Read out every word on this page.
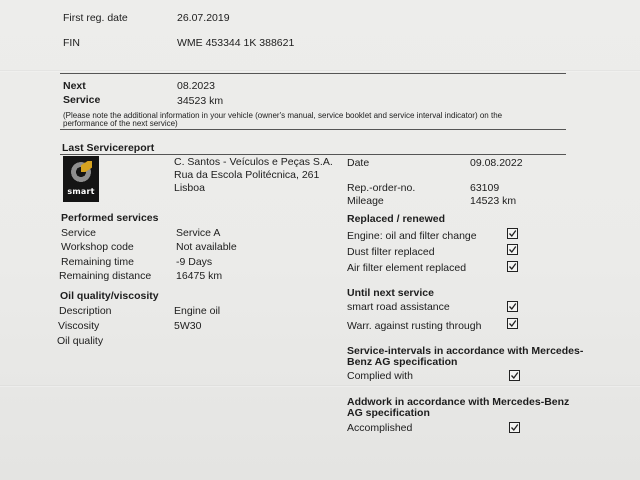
First reg. date	26.07.2019
FIN	WME 453344 1K 388621
Next	08.2023
Service	34523 km
(Please note the additional information in your vehicle (owner's manual, service booklet and service interval indicator) on the
performance of the next service)
Last Servicereport
smart
C. Santos - Veículos e Peças S.A.
Rua da Escola Politécnica, 261
Lisboa
Date	09.08.2022
Rep.-order-no.	63109
Mileage	14523 km
Performed services
Service	Service A
Workshop code	Not available
Remaining time	-9 Days
Remaining distance 16475 km
Oil quality/viscosity
Description	Engine oil
Viscosity	5W30
Oil quality
Replaced / renewed
Engine: oil and filter change
Dust filter replaced
Air filter element replaced
Until next service
smart road assistance
Warr. against rusting through
Service-intervals in accordance with Mercedes-
Benz AG specification
Complied with
Addwork in accordance with Mercedes-Benz
AG specification
Accomplished
